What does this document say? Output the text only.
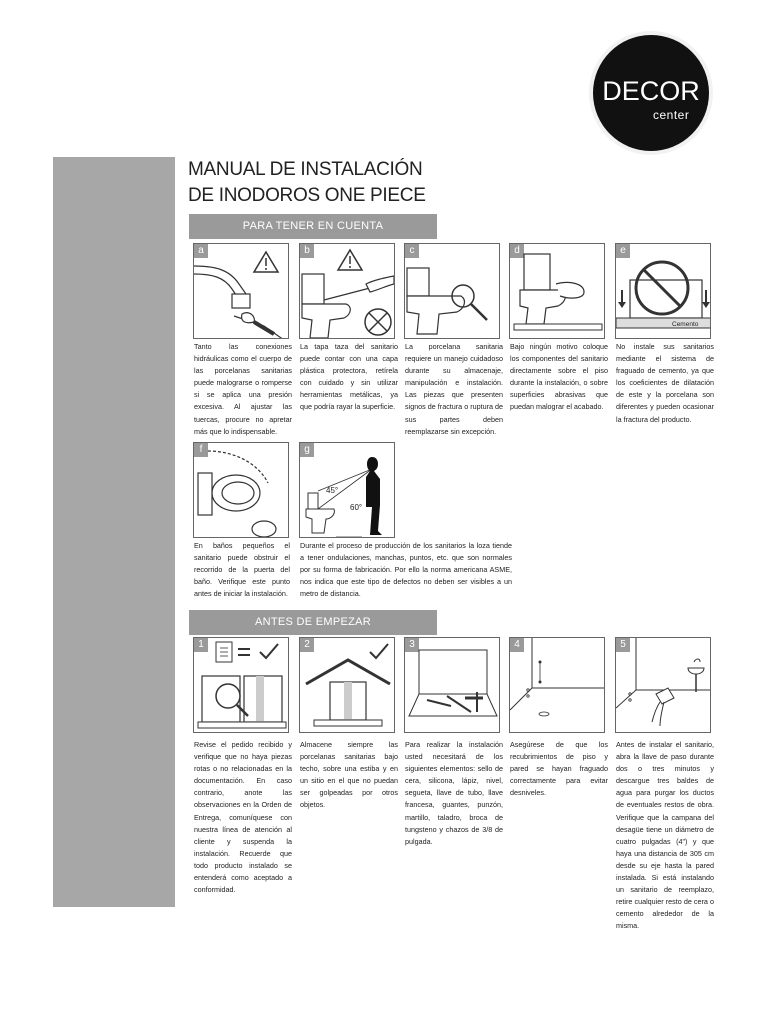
DECOR
center
MANUAL DE INSTALACIÓN
DE INODOROS ONE PIECE
PARA TENER EN CUENTA
a
Tanto las conexiones hidráulicas como el cuerpo de las porcelanas sanitarias puede malograrse o romperse si se aplica una presión excesiva. Al ajustar las tuercas, procure no apretar más que lo indispensable.
b
La tapa taza del sanitario puede contar con una capa plástica protectora, retírela con cuidado y sin utilizar herramientas metálicas, ya que podría rayar la superficie.
c
La porcelana sanitaria requiere un manejo cuidadoso durante su almacenaje, manipulación e instalación. Las piezas que presenten signos de fractura o ruptura de sus partes deben reemplazarse sin excepción.
d
Bajo ningún motivo coloque los componentes del sanitario directamente sobre el piso durante la instalación, o sobre superficies abrasivas que puedan malograr el acabado.
e
Cemento
No instale sus sanitarios mediante el sistema de fraguado de cemento, ya que los coeficientes de dilatación de este y la porcelana son diferentes y pueden ocasionar la fractura del producto.
f
En baños pequeños el sanitario puede obstruir el recorrido de la puerta del baño. Verifique este punto antes de iniciar la instalación.
g
45°
60°
Durante el proceso de producción de los sanitarios la loza tiende a tener ondulaciones, manchas, puntos, etc. que son normales por su forma de fabricación. Por ello la norma americana ASME, nos indica que este tipo de defectos no deben ser visibles a un metro de distancia.
ANTES DE EMPEZAR
1
Revise el pedido recibido y verifique que no haya piezas rotas o no relacionadas en la documentación. En caso contrario, anote las observaciones en la Orden de Entrega, comuníquese con nuestra línea de atención al cliente y suspenda la instalación. Recuerde que todo producto instalado se entenderá como aceptado a conformidad.
2
Almacene siempre las porcelanas sanitarias bajo techo, sobre una estiba y en un sitio en el que no puedan ser golpeadas por otros objetos.
3
Para realizar la instalación usted necesitará de los siguientes elementos: sello de cera, silicona, lápiz, nivel, segueta, llave de tubo, llave francesa, guantes, punzón, martillo, taladro, broca de tungsteno y chazos de 3/8 de pulgada.
4
Asegúrese de que los recubrimientos de piso y pared se hayan fraguado correctamente para evitar desniveles.
5
Antes de instalar el sanitario, abra la llave de paso durante dos o tres minutos y descargue tres baldes de agua para purgar los ductos de eventuales restos de obra. Verifique que la campana del desagüe tiene un diámetro de cuatro pulgadas (4") y que haya una distancia de 305 cm desde su eje hasta la pared instalada. Si está instalando un sanitario de reemplazo, retire cualquier resto de cera o cemento alrededor de la misma.
